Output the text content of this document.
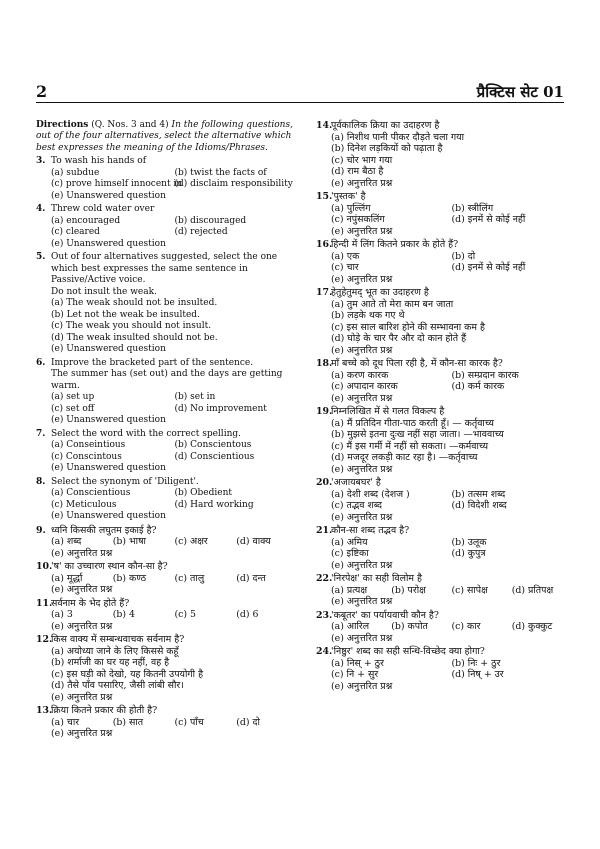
2	प्रैक्टिस सेट 01
Directions (Q. Nos. 3 and 4) In the following questions, out of the four alternatives, select the alternative which best expresses the meaning of the Idioms/Phrases.
3. To wash his hands of
(a) subdue	(b) twist the facts of
(c) prove himself innocent in
(d) disclaim responsibility
(e) Unanswered question
4. Threw cold water over
(a) encouraged	(b) discouraged
(c) cleared	(d) rejected
(e) Unanswered question
5. Out of four alternatives suggested, select the one which best expresses the same sentence in Passive/Active voice.
Do not insult the weak.
(a) The weak should not be insulted.
(b) Let not the weak be insulted.
(c) The weak you should not insult.
(d) The weak insulted should not be.
(e) Unanswered question
6. Improve the bracketed part of the sentence.
The summer has (set out) and the days are getting warm.
(a) set up	(b) set in
(c) set off	(d) No improvement
(e) Unanswered question
7. Select the word with the correct spelling.
(a) Conseintious	(b) Conscientous
(c) Conscintous	(d) Conscientious
(e) Unanswered question
8. Select the synonym of 'Diligent'.
(a) Conscientious	(b) Obedient
(c) Meticulous	(d) Hard working
(e) Unanswered question
9. ध्वनि किसकी लघुतम इकाई है?
(a) शब्द	(b) भाषा	(c) अक्षर	(d) वाक्य
(e) अनुत्तरित प्रश्न
10.
'ष' का उच्चारण स्थान कौन-सा है?
(a) मूर्द्धा	(b) कण्ठ	(c) तालु	(d) दन्त
(e) अनुत्तरित प्रश्न
11.
सर्वनाम के भेद होते हैं?
(a) 3	(b) 4	(c) 5	(d) 6
(e) अनुत्तरित प्रश्न
12.
किस वाक्य में सम्बन्धवाचक सर्वनाम है?
(a) अयोध्या जाने के लिए किससे कहूँ
(b) शर्माजी का घर यह नहीं, वह है
(c) इस घड़ी को देखो, यह कितनी उपयोगी है
(d) तैसे पाँव पसारिए, जैसी लांबी सौर।
(e) अनुत्तरित प्रश्न
13.
क्रिया कितने प्रकार की होती है?
(a) चार	(b) सात	(c) पाँच	(d) दो
(e) अनुत्तरित प्रश्न
14.
पूर्वकालिक क्रिया का उदाहरण है
(a) निशीथ पानी पीकर दौड़ते चला गया
(b) दिनेश लड़कियों को पढ़ाता है
(c) चोर भाग गया
(d) राम बैठा है
(e) अनुत्तरित प्रश्न
15.
'पुस्तक' है
(a) पुल्लिंग	(b) स्त्रीलिंग
(c) नपुंसकलिंग	(d) इनमें से कोई नहीं
(e) अनुत्तरित प्रश्न
16.
हिन्दी में लिंग कितने प्रकार के होते हैं?
(a) एक	(b) दो
(c) चार	(d) इनमें से कोई नहीं
(e) अनुत्तरित प्रश्न
17.
हेतुहेतुमद् भूत का उदाहरण है
(a) तुम आते तो मेरा काम बन जाता
(b) लड़के थक गए थे
(c) इस साल बारिश होने की सम्भावना कम है
(d) घोड़े के चार पैर और दो कान होते हैं
(e) अनुत्तरित प्रश्न
18.
माँ बच्चे को दूध पिला रही है, में कौन-सा कारक है?
(a) करण कारक	(b) सम्प्रदान कारक
(c) अपादान कारक	(d) कर्म कारक
(e) अनुत्तरित प्रश्न
19.
निम्नलिखित में से गलत विकल्प है
(a) मैं प्रतिदिन गीता-पाठ करती हूँ। — कर्तृवाच्य
(b) मुझसे इतना दुःख नहीं सहा जाता। —भाववाच्य
(c) मैं इस गर्मी में नहीं सो सकता। —कर्मवाच्य
(d) मजदूर लकड़ी काट रहा है। —कर्तृवाच्य
(e) अनुत्तरित प्रश्न
20.
'अजायबघर' है
(a) देशी शब्द (देशज )	(b) तत्सम शब्द
(c) तद्भव शब्द	(d) विदेशी शब्द
(e) अनुत्तरित प्रश्न
21.
कौन-सा शब्द तद्भव है?
(a) अमिय	(b) उलूक
(c) इष्टिका	(d) कुपुत्र
(e) अनुत्तरित प्रश्न
22.
'निरपेक्ष' का सही विलोम है
(a) प्रत्यक्ष	(b) परोक्ष	(c) सापेक्ष	(d) प्रतिपक्ष
(e) अनुत्तरित प्रश्न
23.
'कबूतर' का पर्यायवाची कौन है?
(a) आरिल	(b) कपोत	(c) कार	(d) कुक्कुट
(e) अनुत्तरित प्रश्न
24.
'निष्ठुर' शब्द का सही सन्धि-विच्छेद क्या होगा?
(a) निस् + ठुर	(b) निः + ठुर
(c) नि + सुर	(d) निष् + उर
(e) अनुत्तरित प्रश्न
